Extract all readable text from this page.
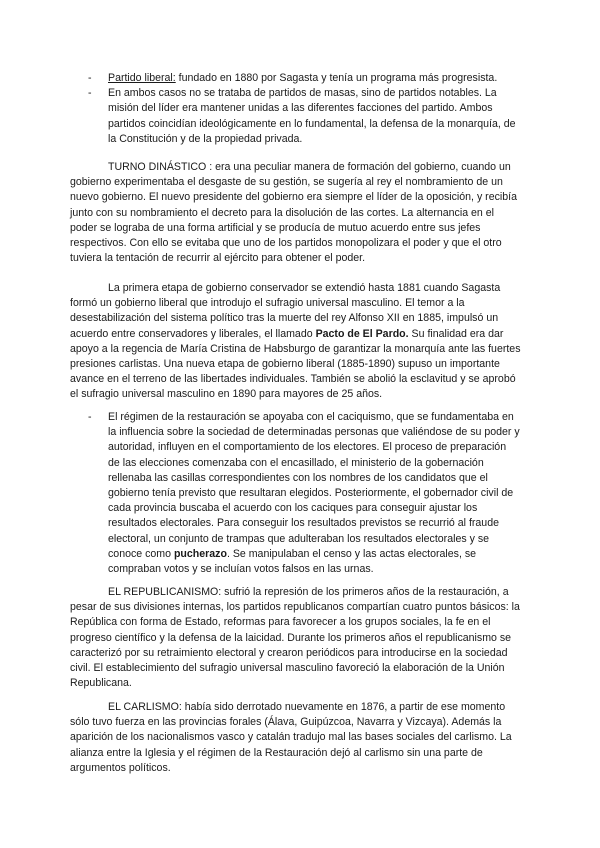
- Partido liberal: fundado en 1880 por Sagasta y tenía un programa más progresista.
- En ambos casos no se trataba de partidos de masas, sino de partidos notables. La misión del líder era mantener unidas a las diferentes facciones del partido. Ambos partidos coincidían ideológicamente en lo fundamental, la defensa de la monarquía, de la Constitución y de la propiedad privada.

TURNO DINÁSTICO : era una peculiar manera de formación del gobierno, cuando un gobierno experimentaba el desgaste de su gestión, se sugería al rey el nombramiento de un nuevo gobierno. El nuevo presidente del gobierno era siempre el líder de la oposición, y recibía junto con su nombramiento el decreto para la disolución de las cortes. La alternancia en el poder se lograba de una forma artificial y se producía de mutuo acuerdo entre sus jefes respectivos. Con ello se evitaba que uno de los partidos monopolizara el poder y que el otro tuviera la tentación de recurrir al ejército para obtener el poder.

La primera etapa de gobierno conservador se extendió hasta 1881 cuando Sagasta formó un gobierno liberal que introdujo el sufragio universal masculino. El temor a la desestabilización del sistema político tras la muerte del rey Alfonso XII en 1885, impulsó un acuerdo entre conservadores y liberales, el llamado Pacto de El Pardo. Su finalidad era dar apoyo a la regencia de María Cristina de Habsburgo de garantizar la monarquía ante las fuertes presiones carlistas. Una nueva etapa de gobierno liberal (1885-1890) supuso un importante avance en el terreno de las libertades individuales. También se abolió la esclavitud y se aprobó el sufragio universal masculino en 1890 para mayores de 25 años.

- El régimen de la restauración se apoyaba con el caciquismo, que se fundamentaba en la influencia sobre la sociedad de determinadas personas que valiéndose de su poder y autoridad, influyen en el comportamiento de los electores. El proceso de preparación de las elecciones comenzaba con el encasillado, el ministerio de la gobernación rellenaba las casillas correspondientes con los nombres de los candidatos que el gobierno tenía previsto que resultaran elegidos. Posteriormente, el gobernador civil de cada provincia buscaba el acuerdo con los caciques para conseguir ajustar los resultados electorales. Para conseguir los resultados previstos se recurrió al fraude electoral, un conjunto de trampas que adulteraban los resultados electorales y se conoce como pucherazo. Se manipulaban el censo y las actas electorales, se compraban votos y se incluían votos falsos en las urnas.

EL REPUBLICANISMO: sufrió la represión de los primeros años de la restauración, a pesar de sus divisiones internas, los partidos republicanos compartían cuatro puntos básicos: la República con forma de Estado, reformas para favorecer a los grupos sociales, la fe en el progreso científico y la defensa de la laicidad. Durante los primeros años el republicanismo se caracterizó por su retraimiento electoral y crearon periódicos para introducirse en la sociedad civil. El establecimiento del sufragio universal masculino favoreció la elaboración de la Unión Republicana.

EL CARLISMO: había sido derrotado nuevamente en 1876, a partir de ese momento sólo tuvo fuerza en las provincias forales (Álava, Guipúzcoa, Navarra y Vizcaya). Además la aparición de los nacionalismos vasco y catalán tradujo mal las bases sociales del carlismo. La alianza entre la Iglesia y el régimen de la Restauración dejó al carlismo sin una parte de argumentos políticos.
